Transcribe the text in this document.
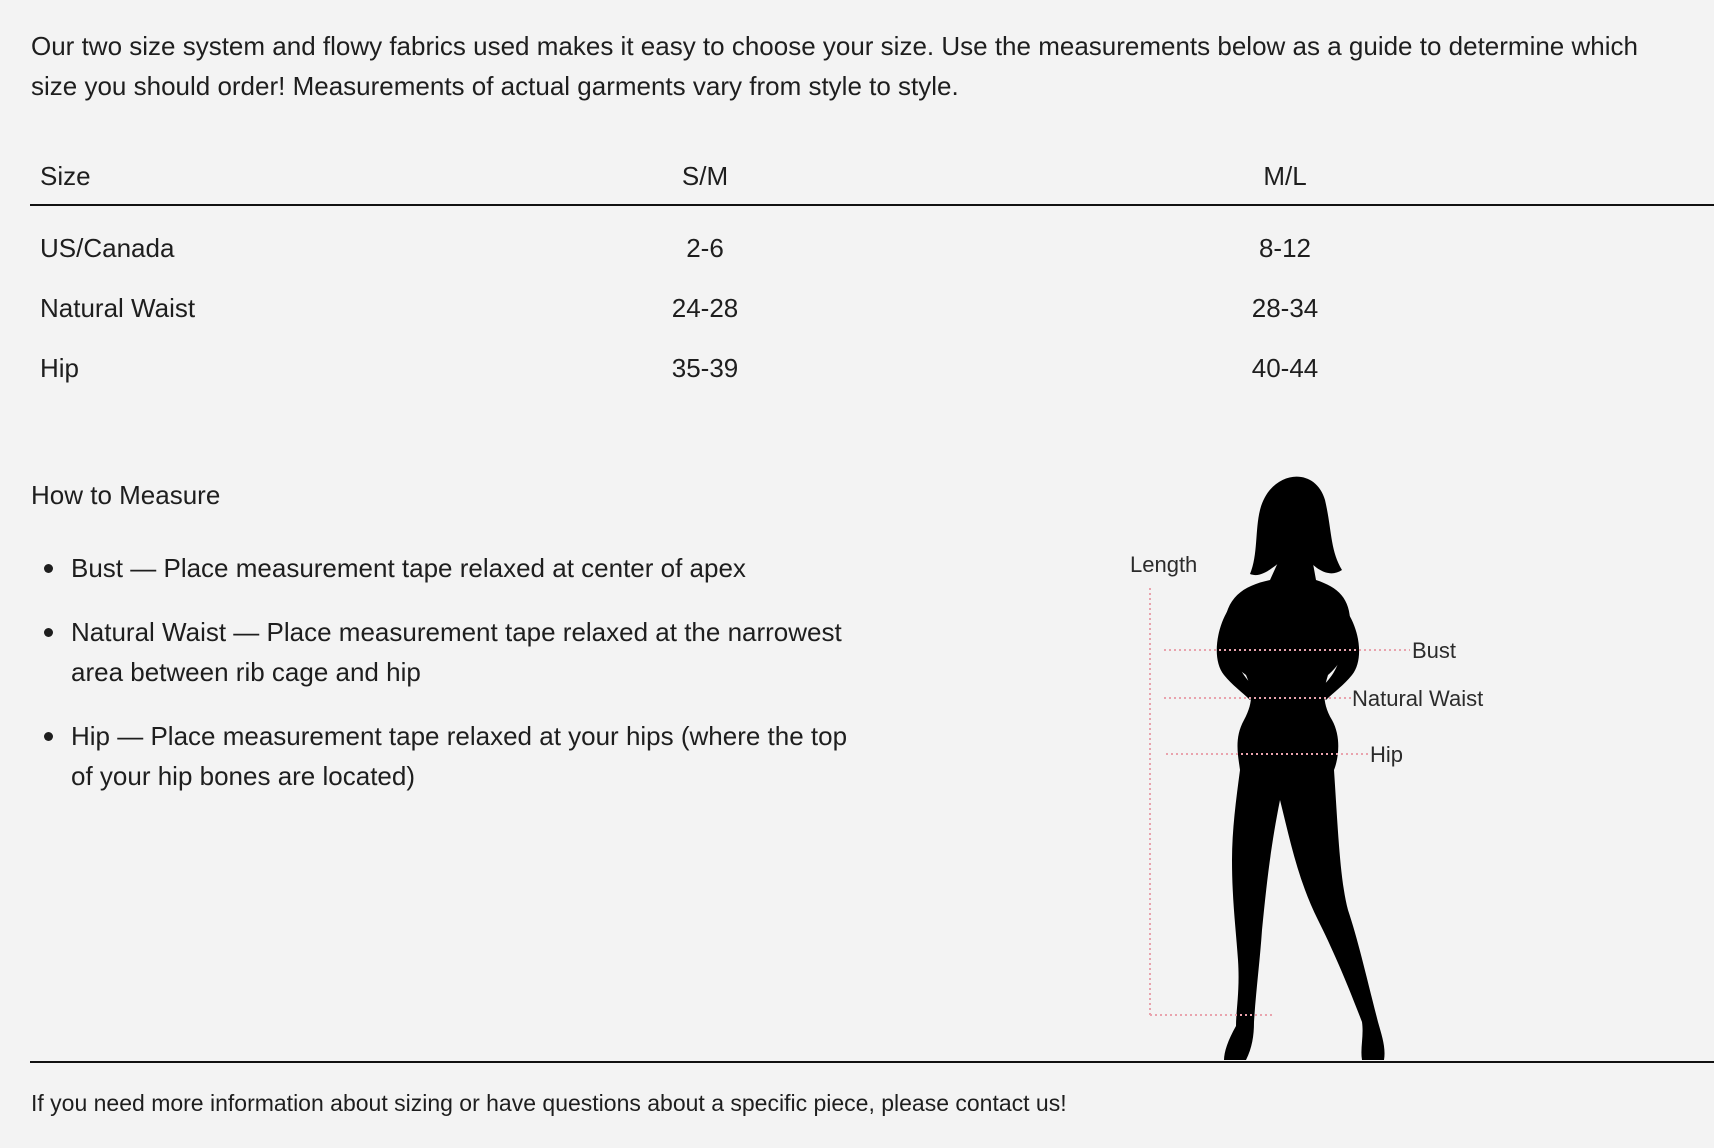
Our two size system and flowy fabrics used makes it easy to choose your size. Use the measurements below as a guide to determine which size you should order! Measurements of actual garments vary from style to style.

Size	S/M		M/L	
US/Canada	2-6		8-12	
Natural Waist	24-28		28-34	
Hip	35-39		40-44	
How to Measure
Bust — Place measurement tape relaxed at center of apex
Natural Waist — Place measurement tape relaxed at the narrowest area between rib cage and hip
Hip — Place measurement tape relaxed at your hips (where the top of your hip bones are located)
Length
Bust
Natural Waist
Hip

If you need more information about sizing or have questions about a specific piece, please contact us!
